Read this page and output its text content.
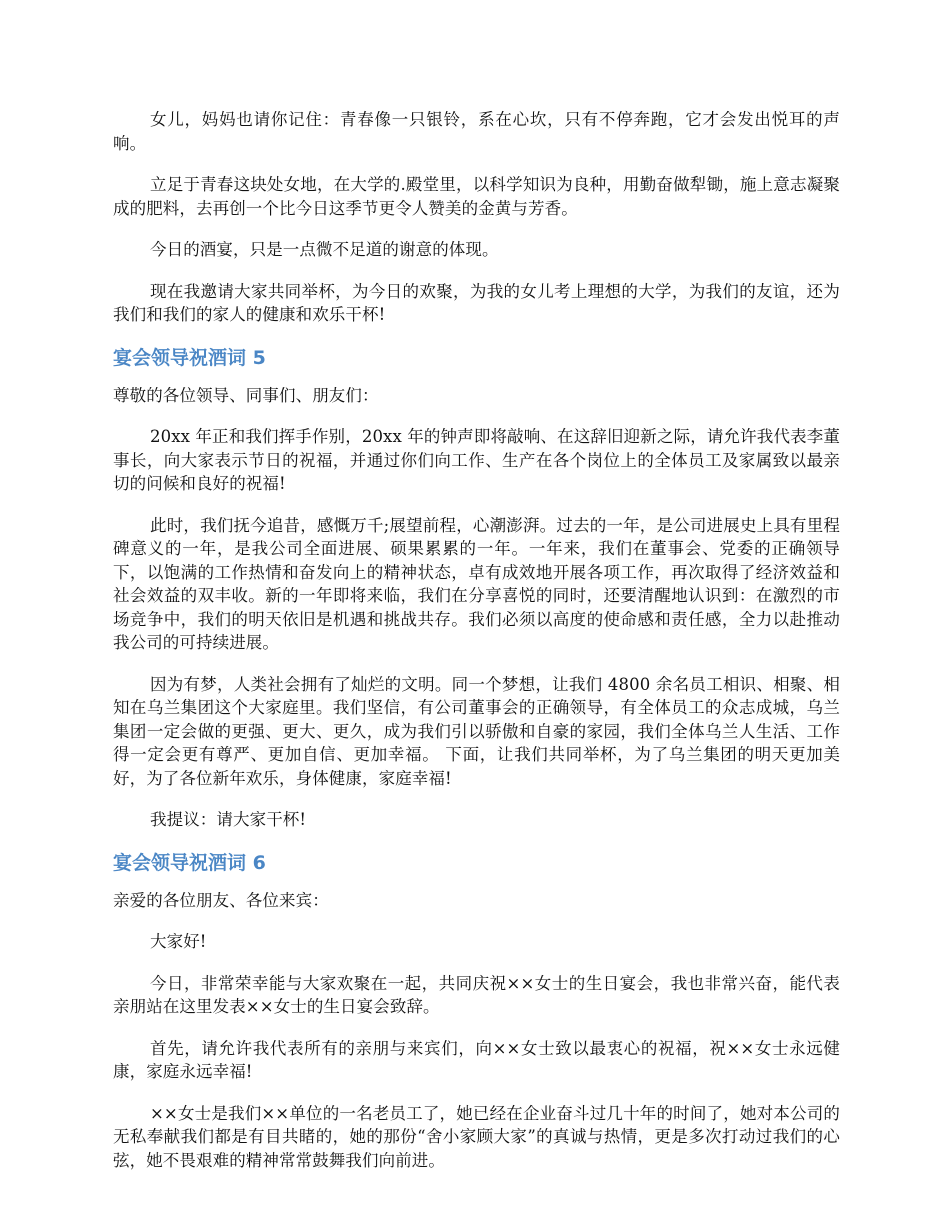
女儿，妈妈也请你记住：青春像一只银铃，系在心坎，只有不停奔跑，它才会发出悦耳的声响。

立足于青春这块处女地，在大学的.殿堂里，以科学知识为良种，用勤奋做犁锄，施上意志凝聚成的肥料，去再创一个比今日这季节更令人赞美的金黄与芳香。

今日的酒宴，只是一点微不足道的谢意的体现。

现在我邀请大家共同举杯，为今日的欢聚，为我的女儿考上理想的大学，为我们的友谊，还为我们和我们的家人的健康和欢乐干杯!

宴会领导祝酒词 5

尊敬的各位领导、同事们、朋友们：

20xx 年正和我们挥手作别，20xx 年的钟声即将敲响、在这辞旧迎新之际，请允许我代表李董事长，向大家表示节日的祝福，并通过你们向工作、生产在各个岗位上的全体员工及家属致以最亲切的问候和良好的祝福!

此时，我们抚今追昔，感慨万千;展望前程，心潮澎湃。过去的一年，是公司进展史上具有里程碑意义的一年，是我公司全面进展、硕果累累的一年。一年来，我们在董事会、党委的正确领导下，以饱满的工作热情和奋发向上的精神状态，卓有成效地开展各项工作，再次取得了经济效益和社会效益的双丰收。新的一年即将来临，我们在分享喜悦的同时，还要清醒地认识到：在激烈的市场竞争中，我们的明天依旧是机遇和挑战共存。我们必须以高度的使命感和责任感，全力以赴推动我公司的可持续进展。

因为有梦，人类社会拥有了灿烂的文明。同一个梦想，让我们 4800 余名员工相识、相聚、相知在乌兰集团这个大家庭里。我们坚信，有公司董事会的正确领导，有全体员工的众志成城，乌兰集团一定会做的更强、更大、更久，成为我们引以骄傲和自豪的家园，我们全体乌兰人生活、工作得一定会更有尊严、更加自信、更加幸福。 下面，让我们共同举杯，为了乌兰集团的明天更加美好，为了各位新年欢乐，身体健康，家庭幸福!

我提议：请大家干杯!

宴会领导祝酒词 6

亲爱的各位朋友、各位来宾：

大家好!

今日，非常荣幸能与大家欢聚在一起，共同庆祝××女士的生日宴会，我也非常兴奋，能代表亲朋站在这里发表××女士的生日宴会致辞。

首先，请允许我代表所有的亲朋与来宾们，向××女士致以最衷心的祝福，祝××女士永远健康，家庭永远幸福!

××女士是我们××单位的一名老员工了，她已经在企业奋斗过几十年的时间了，她对本公司的无私奉献我们都是有目共睹的，她的那份“舍小家顾大家”的真诚与热情，更是多次打动过我们的心弦，她不畏艰难的精神常常鼓舞我们向前进。
